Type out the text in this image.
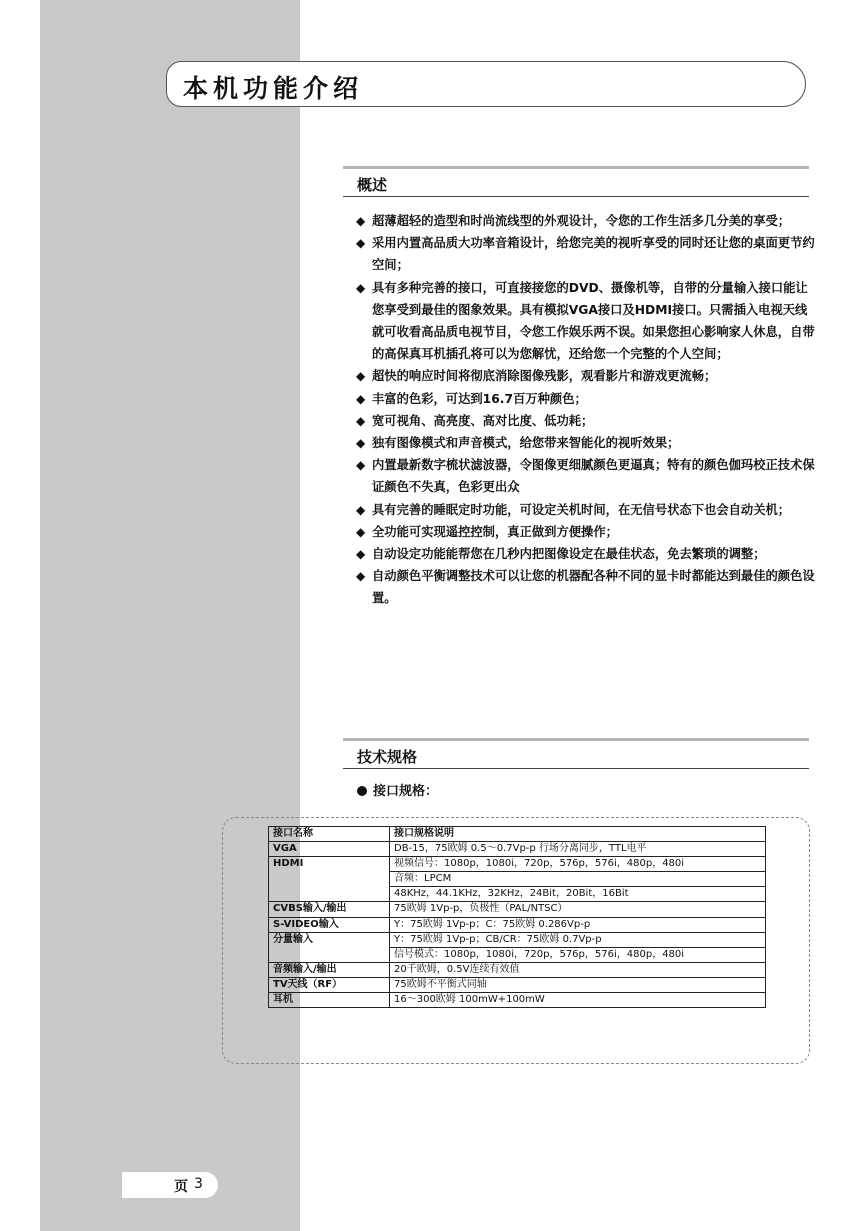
本机功能介绍
概述
◆ 超薄超轻的造型和时尚流线型的外观设计，令您的工作生活多几分美的享受；
◆ 采用内置高品质大功率音箱设计，给您完美的视听享受的同时还让您的桌面更节约空间；
◆ 具有多种完善的接口，可直接接您的DVD、摄像机等，自带的分量输入接口能让您享受到最佳的图象效果。具有模拟VGA接口及HDMI接口。只需插入电视天线就可收看高品质电视节目，令您工作娱乐两不误。如果您担心影响家人休息，自带的高保真耳机插孔将可以为您解忧，还给您一个完整的个人空间；
◆ 超快的响应时间将彻底消除图像残影，观看影片和游戏更流畅；
◆ 丰富的色彩，可达到16.7百万种颜色；
◆ 宽可视角、高亮度、高对比度、低功耗；
◆ 独有图像模式和声音模式，给您带来智能化的视听效果；
◆ 内置最新数字梳状滤波器，令图像更细腻颜色更逼真；特有的颜色伽玛校正技术保证颜色不失真，色彩更出众
◆ 具有完善的睡眠定时功能，可设定关机时间，在无信号状态下也会自动关机；
◆ 全功能可实现遥控控制，真正做到方便操作；
◆ 自动设定功能能帮您在几秒内把图像设定在最佳状态，免去繁琐的调整；
◆ 自动颜色平衡调整技术可以让您的机器配各种不同的显卡时都能达到最佳的颜色设置。
技术规格
接口规格：
接口名称	接口规格说明
VGA	DB-15，75欧姆 0.5～0.7Vp-p 行场分离同步，TTL电平
HDMI	视频信号：1080p，1080i，720p，576p，576i，480p，480i
	音频：LPCM
	48KHz，44.1KHz，32KHz，24Bit，20Bit，16Bit
CVBS输入/输出	75欧姆 1Vp-p，负极性（PAL/NTSC）
S-VIDEO输入	Y：75欧姆 1Vp-p；C：75欧姆 0.286Vp-p
分量输入	Y：75欧姆 1Vp-p；CB/CR：75欧姆 0.7Vp-p
	信号模式：1080p，1080i，720p，576p，576i，480p，480i
音频输入/输出	20千欧姆，0.5V连续有效值
TV天线（RF）	75欧姆不平衡式同轴
耳机	16～300欧姆 100mW+100mW
页 3
